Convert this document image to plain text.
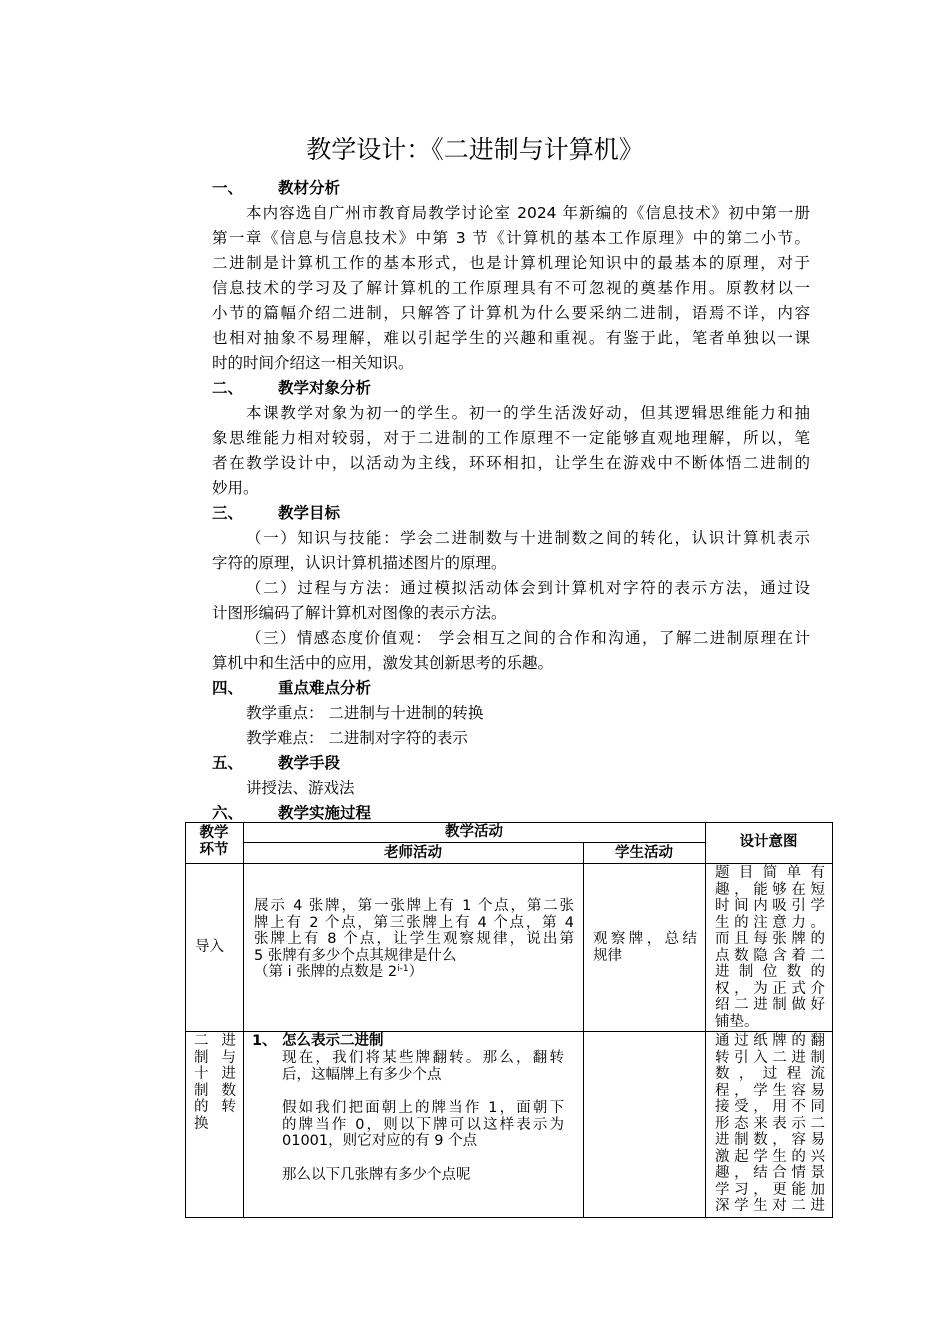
教学设计：《二进制与计算机》
一、 教材分析
本内容选自广州市教育局教学讨论室 2024 年新编的《信息技术》初中第一册
第一章《信息与信息技术》中第 3 节《计算机的基本工作原理》中的第二小节。
二进制是计算机工作的基本形式，也是计算机理论知识中的最基本的原理，对于
信息技术的学习及了解计算机的工作原理具有不可忽视的奠基作用。原教材以一
小节的篇幅介绍二进制，只解答了计算机为什么要采纳二进制，语焉不详，内容
也相对抽象不易理解，难以引起学生的兴趣和重视。有鉴于此，笔者单独以一课
时的时间介绍这一相关知识。
二、 教学对象分析
本课教学对象为初一的学生。初一的学生活泼好动，但其逻辑思维能力和抽
象思维能力相对较弱，对于二进制的工作原理不一定能够直观地理解，所以，笔
者在教学设计中，以活动为主线，环环相扣，让学生在游戏中不断体悟二进制的
妙用。
三、 教学目标
（一）知识与技能：学会二进制数与十进制数之间的转化，认识计算机表示
字符的原理，认识计算机描述图片的原理。
（二）过程与方法：通过模拟活动体会到计算机对字符的表示方法，通过设
计图形编码了解计算机对图像的表示方法。
（三）情感态度价值观： 学会相互之间的合作和沟通，了解二进制原理在计
算机中和生活中的应用，激发其创新思考的乐趣。
四、 重点难点分析
教学重点： 二进制与十进制的转换
教学难点： 二进制对字符的表示
五、 教学手段
讲授法、游戏法
六、 教学实施过程
教学
环节
教学活动
老师活动	学生活动
设计意图
导入
展示 4 张牌，第一张牌上有 1 个点，第二张
牌上有 2 个点，第三张牌上有 4 个点，第 4
张牌上有 8 个点，让学生观察规律，说出第
5 张牌有多少个点其规律是什么
（第 i 张牌的点数是 2$^{i-1}$）
观察牌，总结
规律
题 目 简 单 有
趣，能够在短
时间内吸引学
生的注意力。
而且每张牌的
点数隐含着二
进 制 位 数 的
权，为正式介
绍二进制做好
铺垫。
二 进
制 与
十 进
制 数
的 转
换
1、 怎么表示二进制
现在，我们将某些牌翻转。那么，翻转
后，这幅牌上有多少个点
假如我们把面朝上的牌当作 1，面朝下
的牌当作 0，则以下牌可以这样表示为
01001，则它对应的有 9 个点
那么以下几张牌有多少个点呢
通过纸牌的翻
转引入二进制
数 ， 过 程 流
程，学生容易
接受，用不同
形态来表示二
进制数，容易
激起学生的兴
趣，结合情景
学习，更能加
深学生对二进
